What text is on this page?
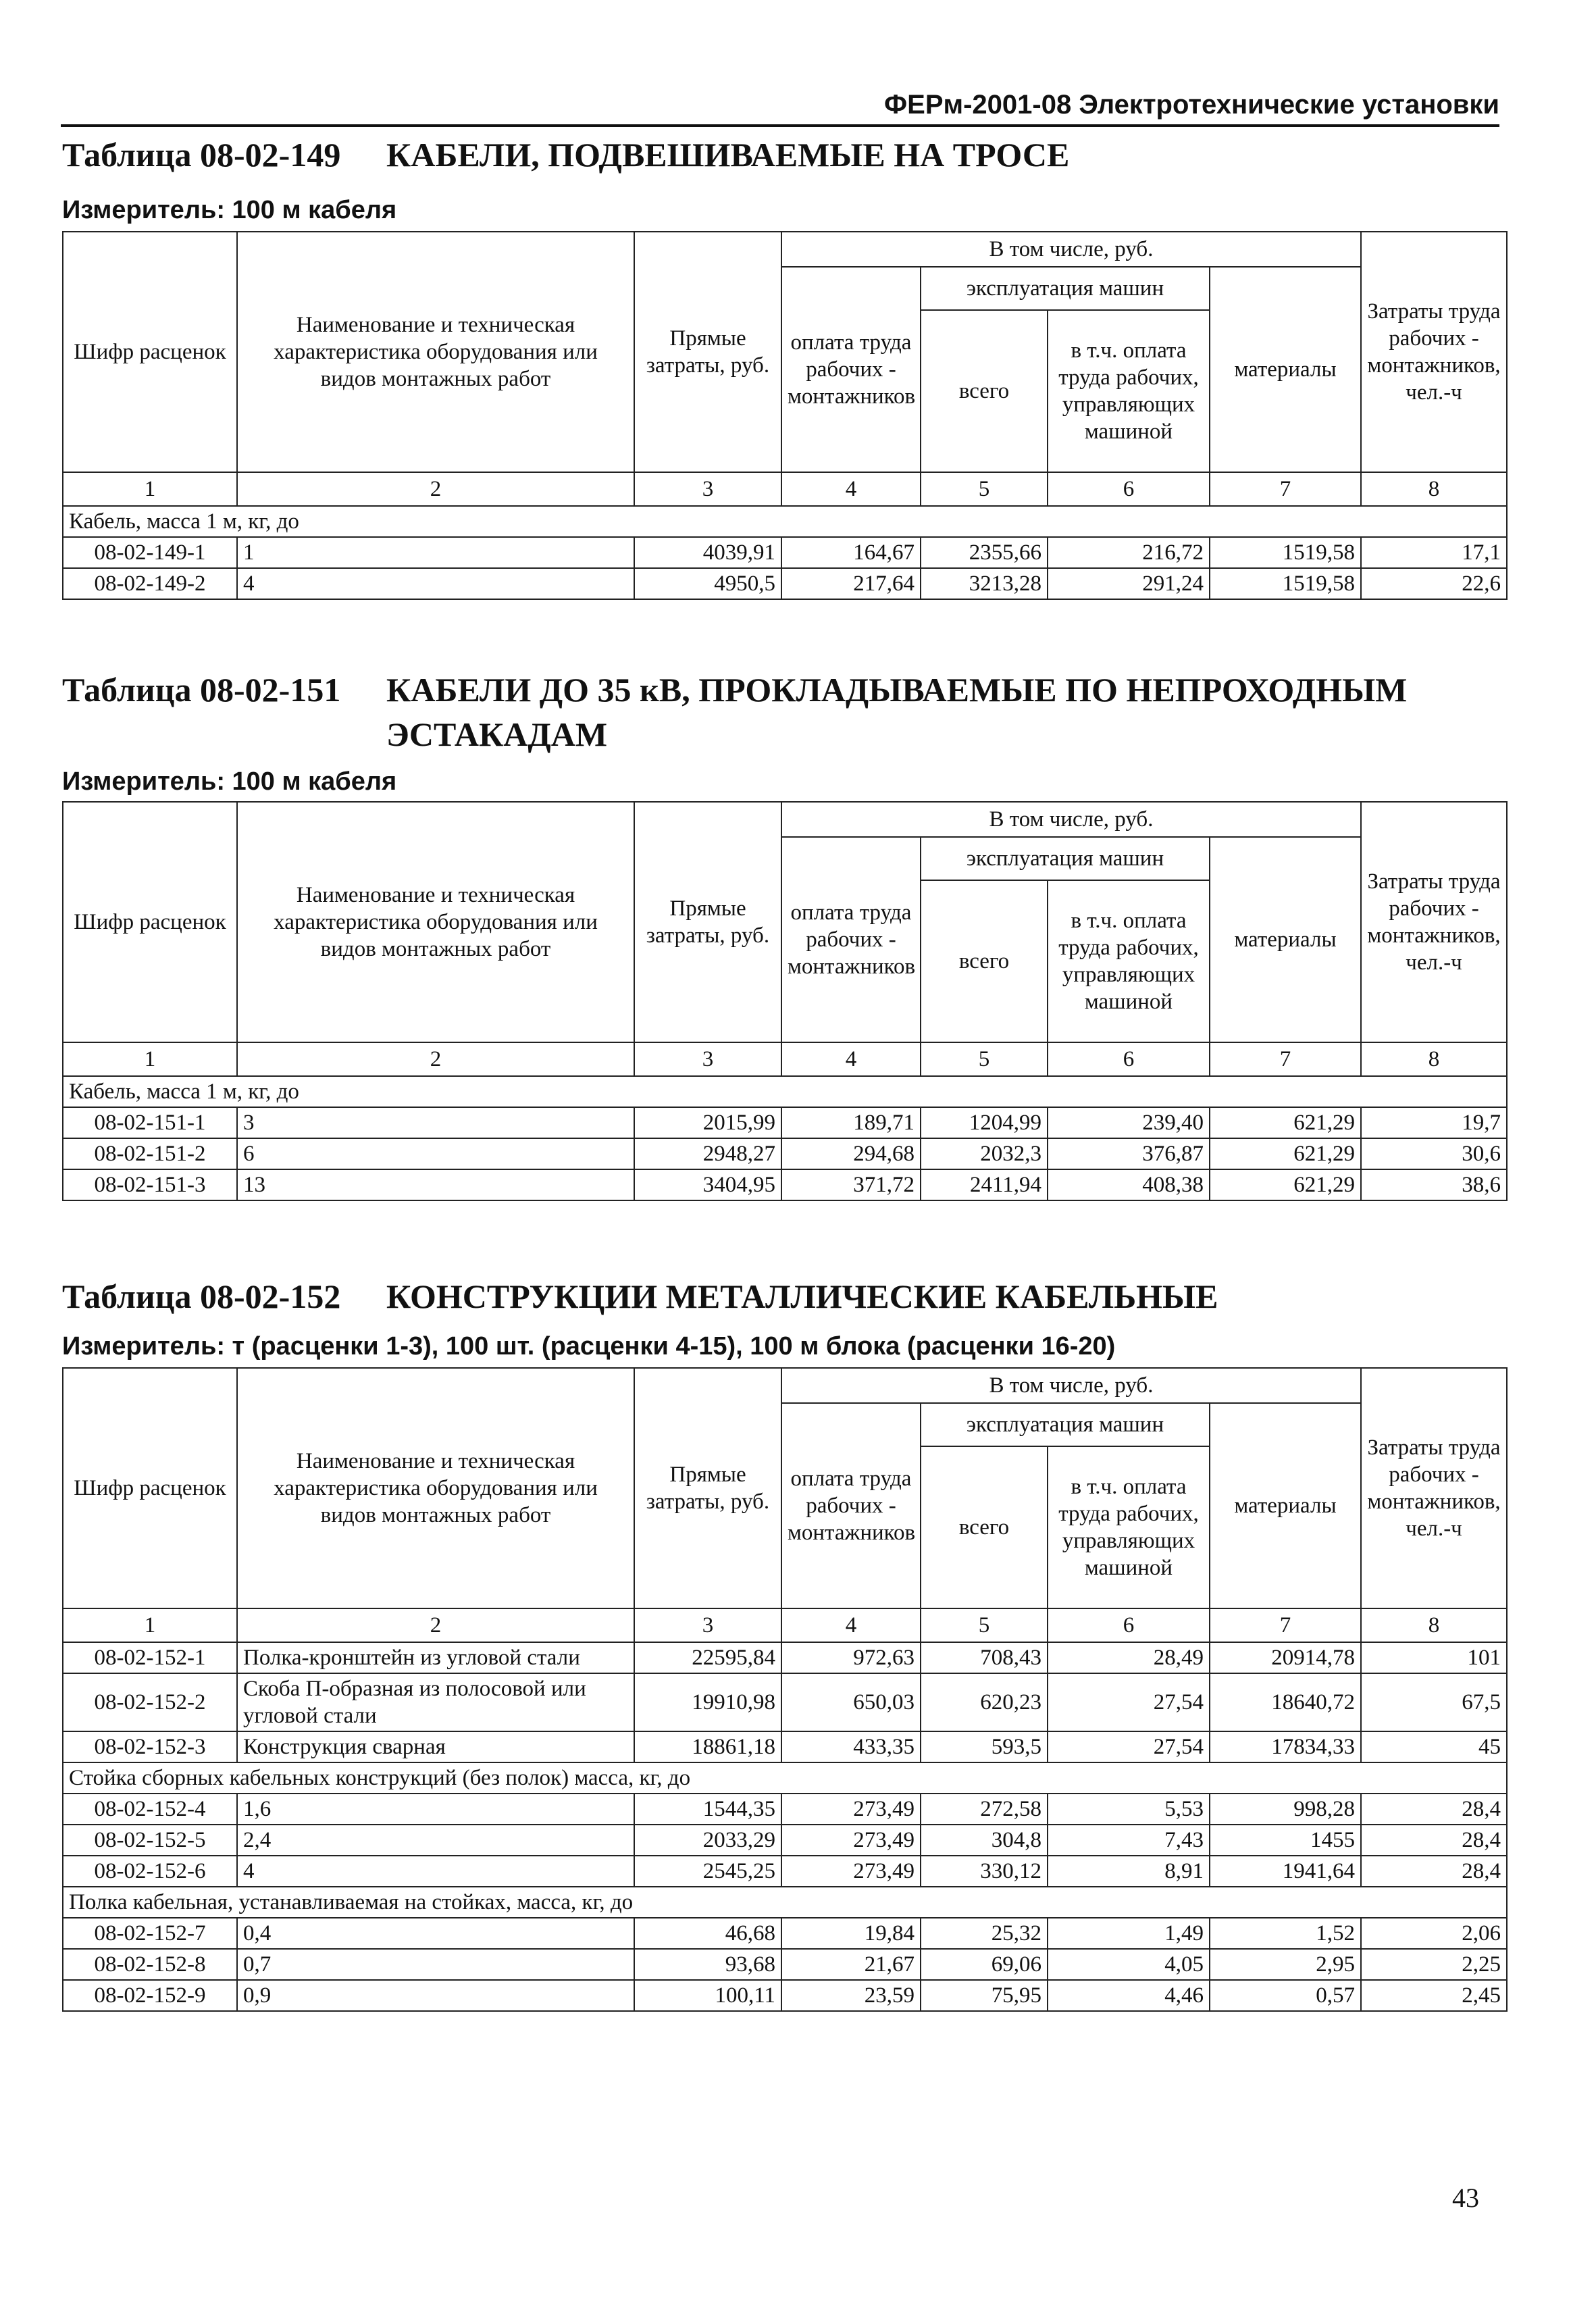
ФЕРм-2001-08 Электротехнические установки
Таблица 08-02-149 КАБЕЛИ, ПОДВЕШИВАЕМЫЕ НА ТРОСЕ
Измеритель: 100 м кабеля
Шифр расценок	Наименование и техническая характеристика оборудования или видов монтажных работ	Прямые затраты, руб.	В том числе, руб.				Затраты труда рабочих - монтажников, чел.-ч
			оплата труда рабочих - монтажников	эксплуатация машин		материалы	
				всего	в т.ч. оплата труда рабочих, управляющих машиной		

1	2	3	4	5	6	7	8
Кабель, масса 1 м, кг, до							
08-02-149-1	1	4039,91	164,67	2355,66	216,72	1519,58	17,1
08-02-149-2	4	4950,5	217,64	3213,28	291,24	1519,58	22,6
Таблица 08-02-151 КАБЕЛИ ДО 35 кВ, ПРОКЛАДЫВАЕМЫЕ ПО НЕПРОХОДНЫМ ЭСТАКАДАМ
Измеритель: 100 м кабеля
Шифр расценок	Наименование и техническая характеристика оборудования или видов монтажных работ	Прямые затраты, руб.	В том числе, руб.				Затраты труда рабочих - монтажников, чел.-ч
			оплата труда рабочих - монтажников	эксплуатация машин		материалы	
				всего	в т.ч. оплата труда рабочих, управляющих машиной		

1	2	3	4	5	6	7	8
Кабель, масса 1 м, кг, до							
08-02-151-1	3	2015,99	189,71	1204,99	239,40	621,29	19,7
08-02-151-2	6	2948,27	294,68	2032,3	376,87	621,29	30,6
08-02-151-3	13	3404,95	371,72	2411,94	408,38	621,29	38,6
Таблица 08-02-152 КОНСТРУКЦИИ МЕТАЛЛИЧЕСКИЕ КАБЕЛЬНЫЕ
Измеритель: т (расценки 1-3), 100 шт. (расценки 4-15), 100 м блока (расценки 16-20)
Шифр расценок	Наименование и техническая характеристика оборудования или видов монтажных работ	Прямые затраты, руб.	В том числе, руб.				Затраты труда рабочих - монтажников, чел.-ч
			оплата труда рабочих - монтажников	эксплуатация машин		материалы	
				всего	в т.ч. оплата труда рабочих, управляющих машиной		

1	2	3	4	5	6	7	8
08-02-152-1	Полка-кронштейн из угловой стали	22595,84	972,63	708,43	28,49	20914,78	101
08-02-152-2	Скоба П-образная из полосовой или угловой стали	19910,98	650,03	620,23	27,54	18640,72	67,5
08-02-152-3	Конструкция сварная	18861,18	433,35	593,5	27,54	17834,33	45
Стойка сборных кабельных конструкций (без полок) масса, кг, до							
08-02-152-4	1,6	1544,35	273,49	272,58	5,53	998,28	28,4
08-02-152-5	2,4	2033,29	273,49	304,8	7,43	1455	28,4
08-02-152-6	4	2545,25	273,49	330,12	8,91	1941,64	28,4
Полка кабельная, устанавливаемая на стойках, масса, кг, до							
08-02-152-7	0,4	46,68	19,84	25,32	1,49	1,52	2,06
08-02-152-8	0,7	93,68	21,67	69,06	4,05	2,95	2,25
08-02-152-9	0,9	100,11	23,59	75,95	4,46	0,57	2,45
43
